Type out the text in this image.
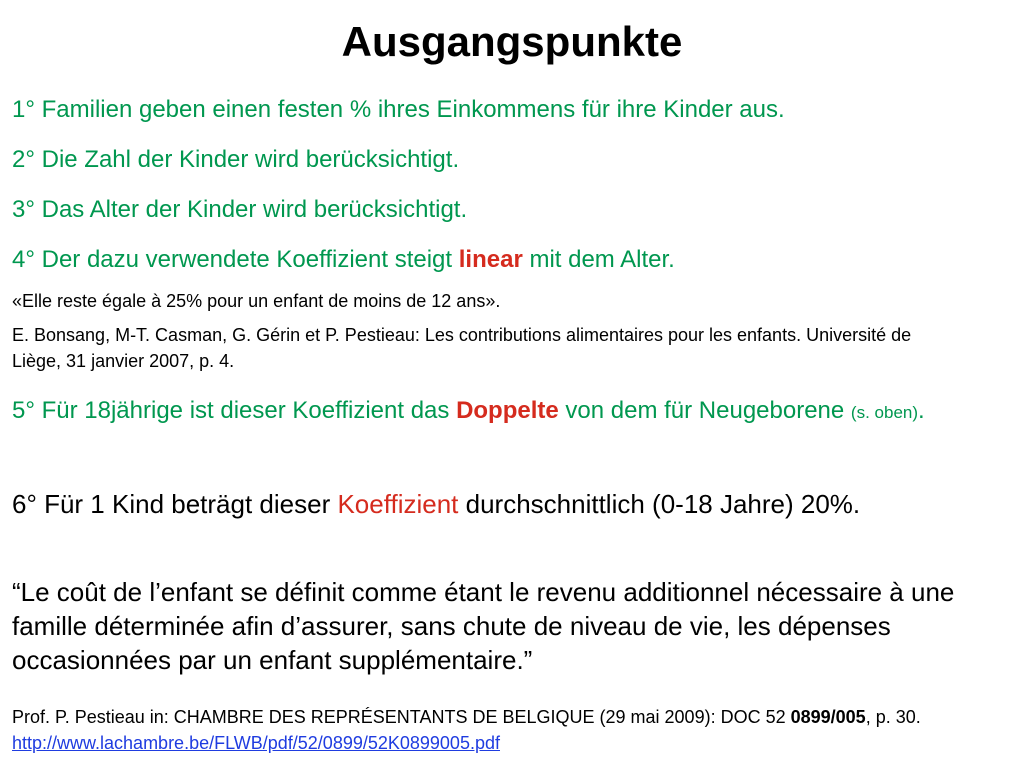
Ausgangspunkte
1° Familien geben einen festen % ihres Einkommens für ihre Kinder aus.
2° Die Zahl der Kinder wird berücksichtigt.
3° Das Alter der Kinder wird berücksichtigt.
4° Der dazu verwendete Koeffizient steigt linear mit dem Alter.
«Elle reste égale à 25% pour un enfant de moins de 12 ans».
E. Bonsang, M-T. Casman, G. Gérin et P. Pestieau: Les contributions alimentaires pour les enfants. Université de Liège, 31 janvier 2007, p. 4.
5° Für 18jährige ist dieser Koeffizient das Doppelte von dem für Neugeborene (s. oben).
6° Für 1 Kind beträgt dieser Koeffizient durchschnittlich (0-18 Jahre) 20%.
“Le coût de l’enfant se définit comme étant le revenu additionnel nécessaire à une famille déterminée afin d’assurer, sans chute de niveau de vie, les dépenses occasionnées par un enfant supplémentaire.”
Prof. P. Pestieau in: CHAMBRE DES REPRÉSENTANTS DE BELGIQUE (29 mai 2009): DOC 52 0899/005, p. 30. http://www.lachambre.be/FLWB/pdf/52/0899/52K0899005.pdf
